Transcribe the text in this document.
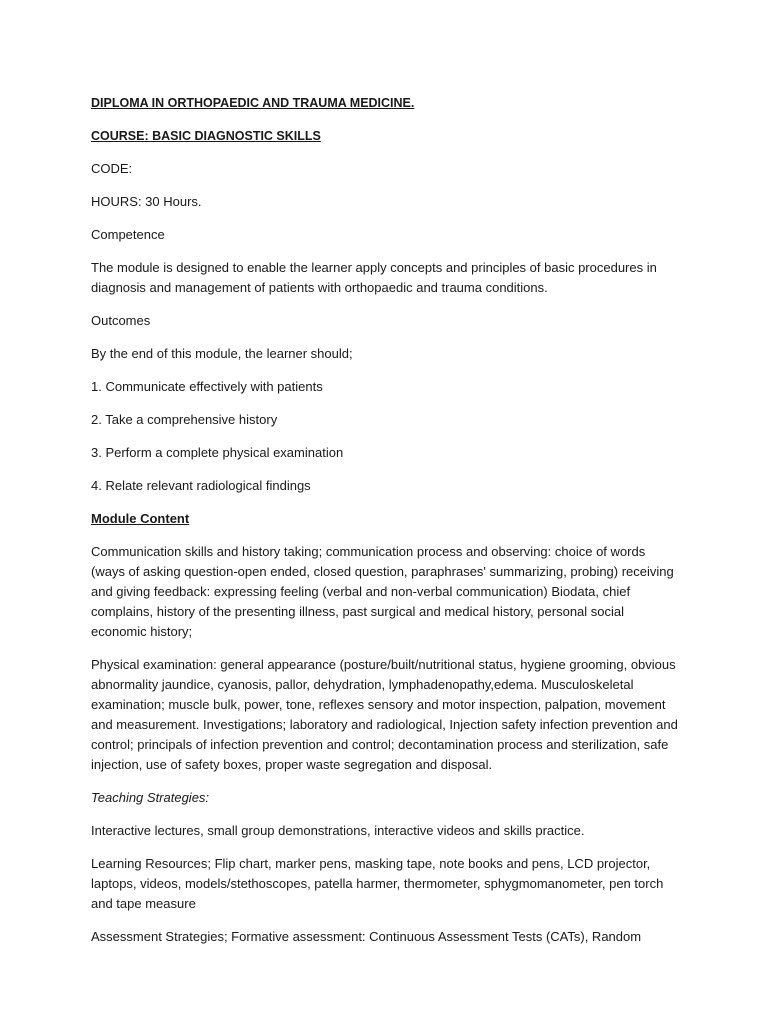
DIPLOMA IN ORTHOPAEDIC AND TRAUMA MEDICINE.

COURSE: BASIC DIAGNOSTIC SKILLS

CODE:

HOURS: 30 Hours.

Competence

The module is designed to enable the learner apply concepts and principles of basic procedures in diagnosis and management of patients with orthopaedic and trauma conditions.

Outcomes

By the end of this module, the learner should;

1. Communicate effectively with patients

2. Take a comprehensive history

3. Perform a complete physical examination

4. Relate relevant radiological findings

Module Content

Communication skills and history taking; communication process and observing: choice of words (ways of asking question-open ended, closed question, paraphrases' summarizing, probing) receiving and giving feedback: expressing feeling (verbal and non-verbal communication) Biodata, chief complains, history of the presenting illness, past surgical and medical history, personal social economic history;

Physical examination: general appearance (posture/built/nutritional status, hygiene grooming, obvious abnormality jaundice, cyanosis, pallor, dehydration, lymphadenopathy,edema. Musculoskeletal examination; muscle bulk, power, tone, reflexes sensory and motor inspection, palpation, movement and measurement. Investigations; laboratory and radiological, Injection safety infection prevention and control; principals of infection prevention and control; decontamination process and sterilization, safe injection, use of safety boxes, proper waste segregation and disposal.

Teaching Strategies:

Interactive lectures, small group demonstrations, interactive videos and skills practice.

Learning Resources; Flip chart, marker pens, masking tape, note books and pens, LCD projector, laptops, videos, models/stethoscopes, patella harmer, thermometer, sphygmomanometer, pen torch and tape measure

Assessment Strategies; Formative assessment: Continuous Assessment Tests (CATs), Random
